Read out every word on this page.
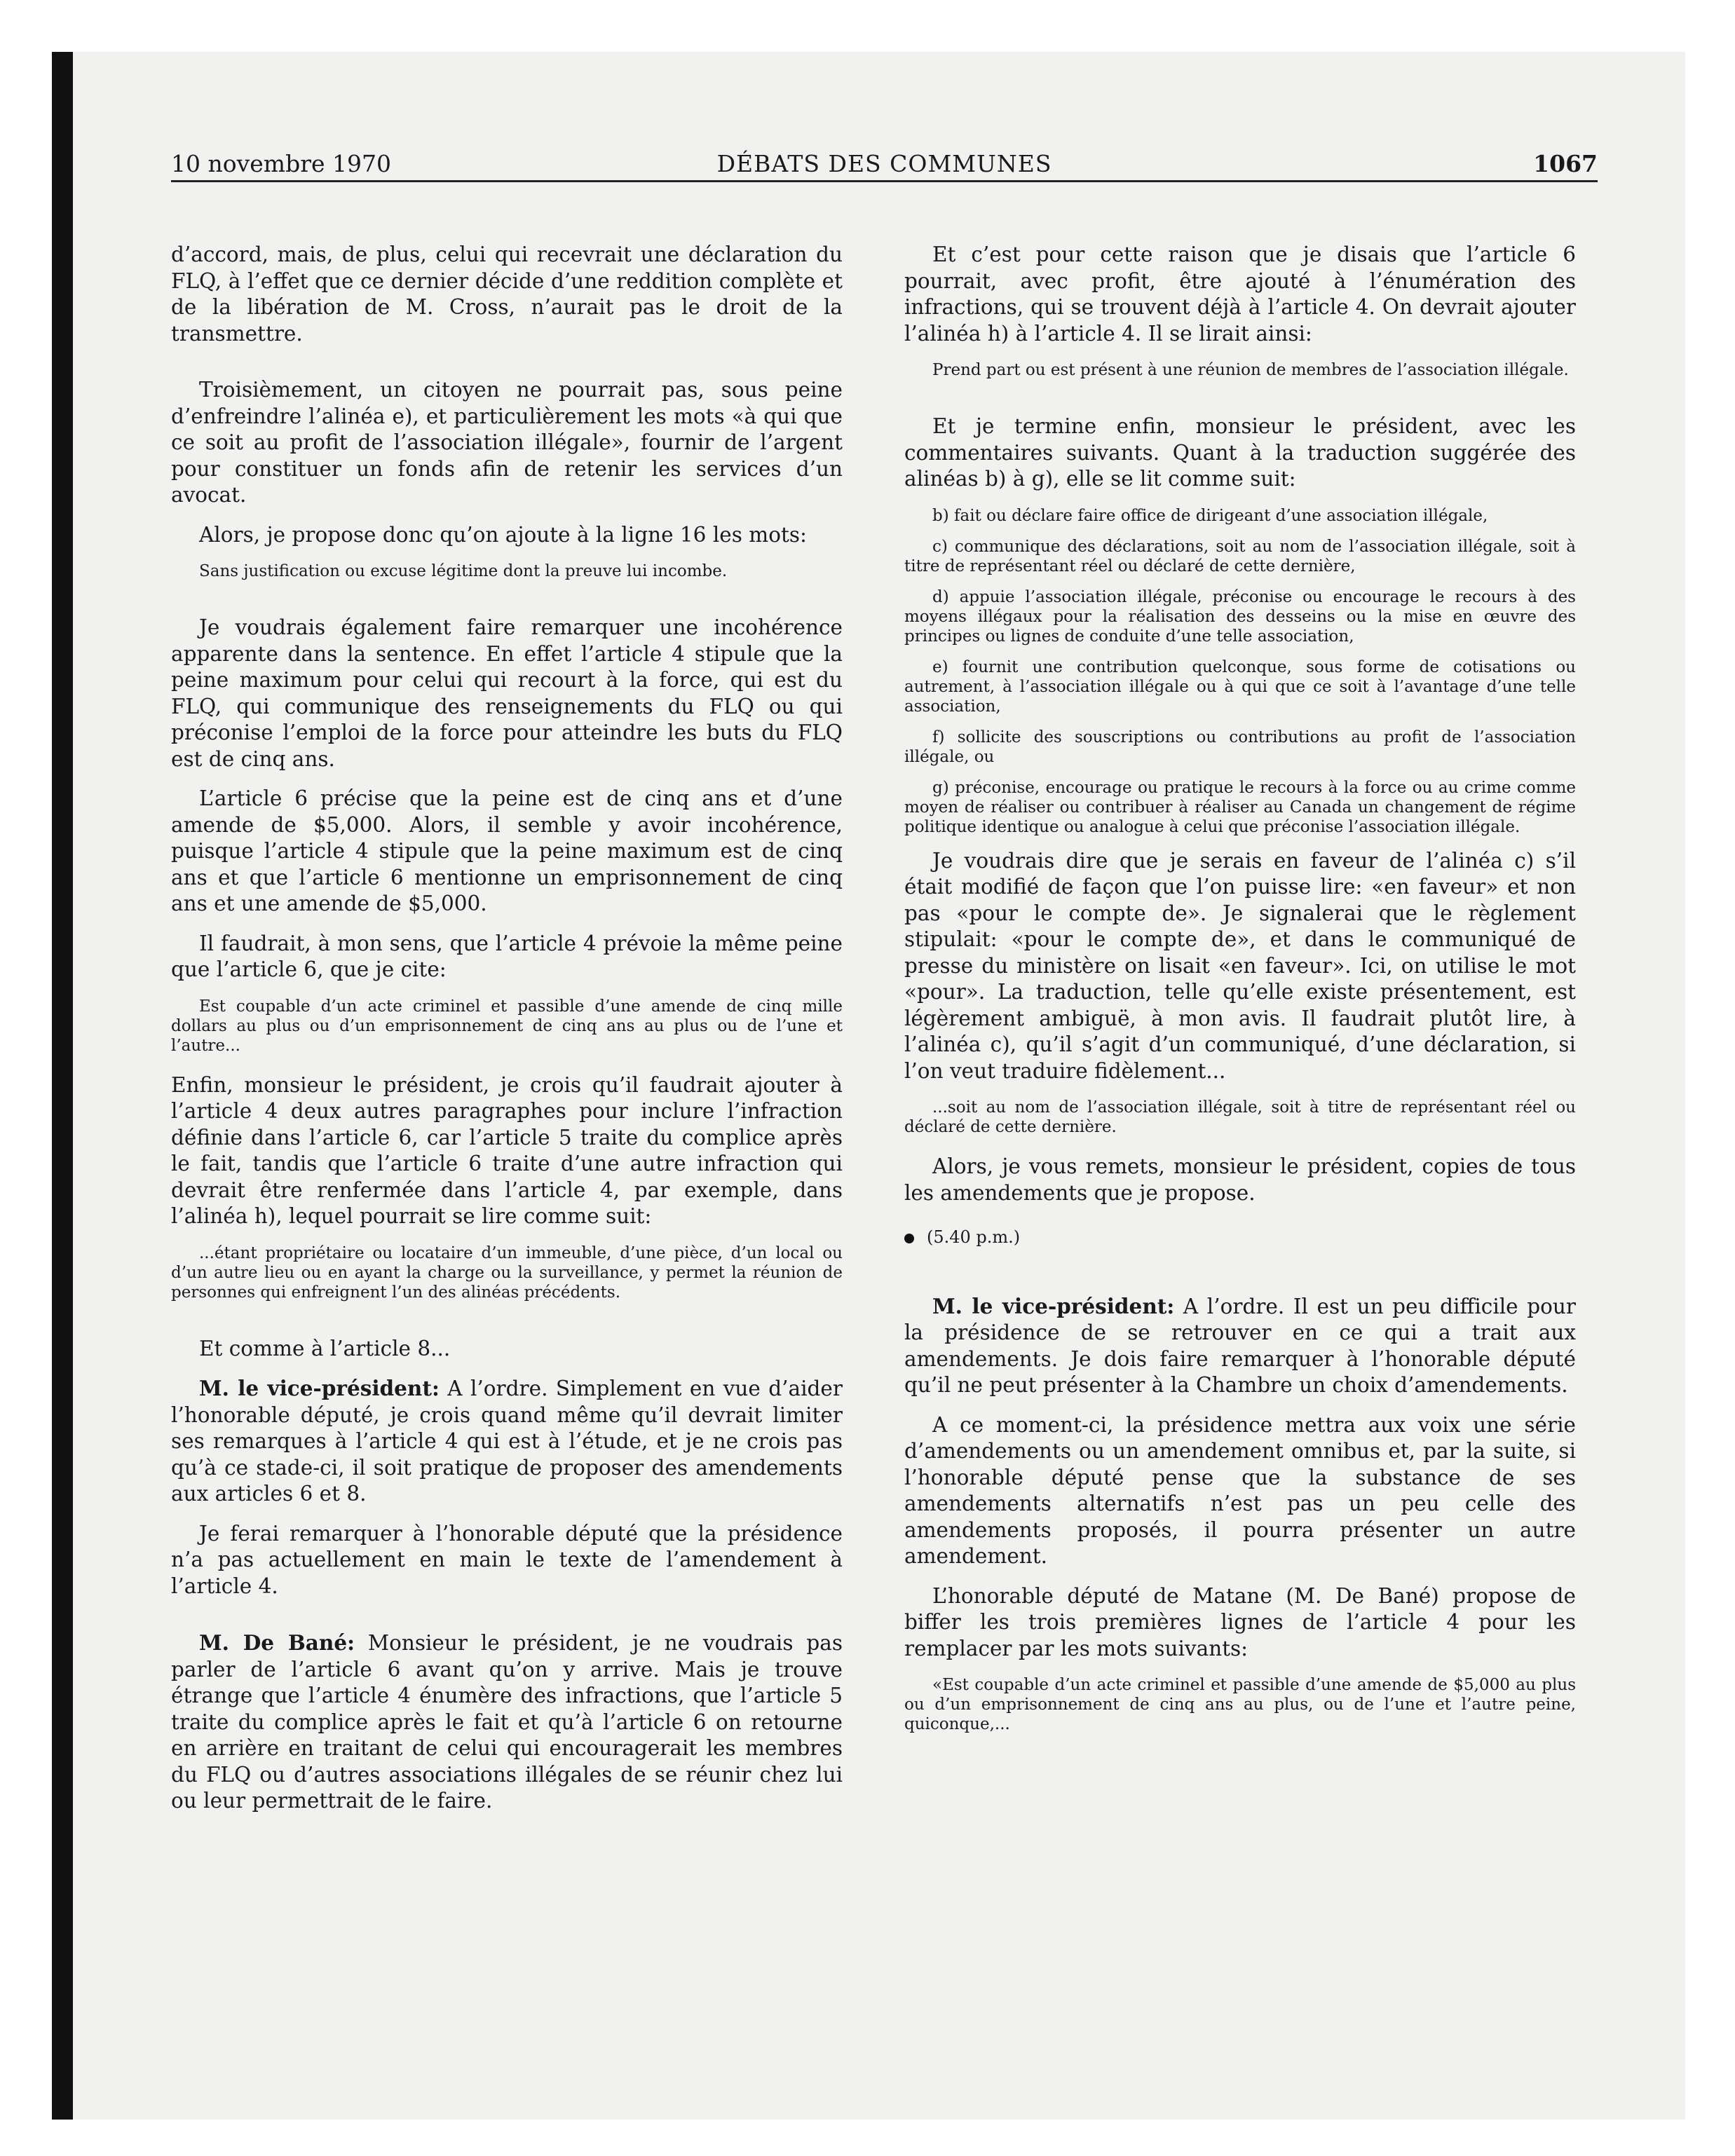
10 novembre 1970	DÉBATS DES COMMUNES	1067

d’accord, mais, de plus, celui qui recevrait une déclaration du FLQ, à l’effet que ce dernier décide d’une reddition complète et de la libération de M. Cross, n’aurait pas le droit de la transmettre.

Troisièmement, un citoyen ne pourrait pas, sous peine d’enfreindre l’alinéa e), et particulièrement les mots «à qui que ce soit au profit de l’association illégale», fournir de l’argent pour constituer un fonds afin de retenir les services d’un avocat.

Alors, je propose donc qu’on ajoute à la ligne 16 les mots:

Sans justification ou excuse légitime dont la preuve lui incombe.

Je voudrais également faire remarquer une incohérence apparente dans la sentence. En effet l’article 4 stipule que la peine maximum pour celui qui recourt à la force, qui est du FLQ, qui communique des renseignements du FLQ ou qui préconise l’emploi de la force pour atteindre les buts du FLQ est de cinq ans.

L’article 6 précise que la peine est de cinq ans et d’une amende de $5,000. Alors, il semble y avoir incohérence, puisque l’article 4 stipule que la peine maximum est de cinq ans et que l’article 6 mentionne un emprisonnement de cinq ans et une amende de $5,000.

Il faudrait, à mon sens, que l’article 4 prévoie la même peine que l’article 6, que je cite:

Est coupable d’un acte criminel et passible d’une amende de cinq mille dollars au plus ou d’un emprisonnement de cinq ans au plus ou de l’une et l’autre...

Enfin, monsieur le président, je crois qu’il faudrait ajouter à l’article 4 deux autres paragraphes pour inclure l’infraction définie dans l’article 6, car l’article 5 traite du complice après le fait, tandis que l’article 6 traite d’une autre infraction qui devrait être renfermée dans l’article 4, par exemple, dans l’alinéa h), lequel pourrait se lire comme suit:

...étant propriétaire ou locataire d’un immeuble, d’une pièce, d’un local ou d’un autre lieu ou en ayant la charge ou la surveillance, y permet la réunion de personnes qui enfreignent l’un des alinéas précédents.

Et comme à l’article 8...

M. le vice-président: A l’ordre. Simplement en vue d’aider l’honorable député, je crois quand même qu’il devrait limiter ses remarques à l’article 4 qui est à l’étude, et je ne crois pas qu’à ce stade-ci, il soit pratique de proposer des amendements aux articles 6 et 8.

Je ferai remarquer à l’honorable député que la présidence n’a pas actuellement en main le texte de l’amendement à l’article 4.

M. De Bané: Monsieur le président, je ne voudrais pas parler de l’article 6 avant qu’on y arrive. Mais je trouve étrange que l’article 4 énumère des infractions, que l’article 5 traite du complice après le fait et qu’à l’article 6 on retourne en arrière en traitant de celui qui encouragerait les membres du FLQ ou d’autres associations illégales de se réunir chez lui ou leur permettrait de le faire.

Et c’est pour cette raison que je disais que l’article 6 pourrait, avec profit, être ajouté à l’énumération des infractions, qui se trouvent déjà à l’article 4. On devrait ajouter l’alinéa h) à l’article 4. Il se lirait ainsi:

Prend part ou est présent à une réunion de membres de l’association illégale.

Et je termine enfin, monsieur le président, avec les commentaires suivants. Quant à la traduction suggérée des alinéas b) à g), elle se lit comme suit:

b) fait ou déclare faire office de dirigeant d’une association illégale,

c) communique des déclarations, soit au nom de l’association illégale, soit à titre de représentant réel ou déclaré de cette dernière,

d) appuie l’association illégale, préconise ou encourage le recours à des moyens illégaux pour la réalisation des desseins ou la mise en œuvre des principes ou lignes de conduite d’une telle association,

e) fournit une contribution quelconque, sous forme de cotisations ou autrement, à l’association illégale ou à qui que ce soit à l’avantage d’une telle association,

f) sollicite des souscriptions ou contributions au profit de l’association illégale, ou

g) préconise, encourage ou pratique le recours à la force ou au crime comme moyen de réaliser ou contribuer à réaliser au Canada un changement de régime politique identique ou analogue à celui que préconise l’association illégale.

Je voudrais dire que je serais en faveur de l’alinéa c) s’il était modifié de façon que l’on puisse lire: «en faveur» et non pas «pour le compte de». Je signalerai que le règlement stipulait: «pour le compte de», et dans le communiqué de presse du ministère on lisait «en faveur». Ici, on utilise le mot «pour». La traduction, telle qu’elle existe présentement, est légèrement ambiguë, à mon avis. Il faudrait plutôt lire, à l’alinéa c), qu’il s’agit d’un communiqué, d’une déclaration, si l’on veut traduire fidèlement...

...soit au nom de l’association illégale, soit à titre de représentant réel ou déclaré de cette dernière.

Alors, je vous remets, monsieur le président, copies de tous les amendements que je propose.

(5.40 p.m.)

M. le vice-président: A l’ordre. Il est un peu difficile pour la présidence de se retrouver en ce qui a trait aux amendements. Je dois faire remarquer à l’honorable député qu’il ne peut présenter à la Chambre un choix d’amendements.

A ce moment-ci, la présidence mettra aux voix une série d’amendements ou un amendement omnibus et, par la suite, si l’honorable député pense que la substance de ses amendements alternatifs n’est pas un peu celle des amendements proposés, il pourra présenter un autre amendement.

L’honorable député de Matane (M. De Bané) propose de biffer les trois premières lignes de l’article 4 pour les remplacer par les mots suivants:

«Est coupable d’un acte criminel et passible d’une amende de $5,000 au plus ou d’un emprisonnement de cinq ans au plus, ou de l’une et l’autre peine, quiconque,...
